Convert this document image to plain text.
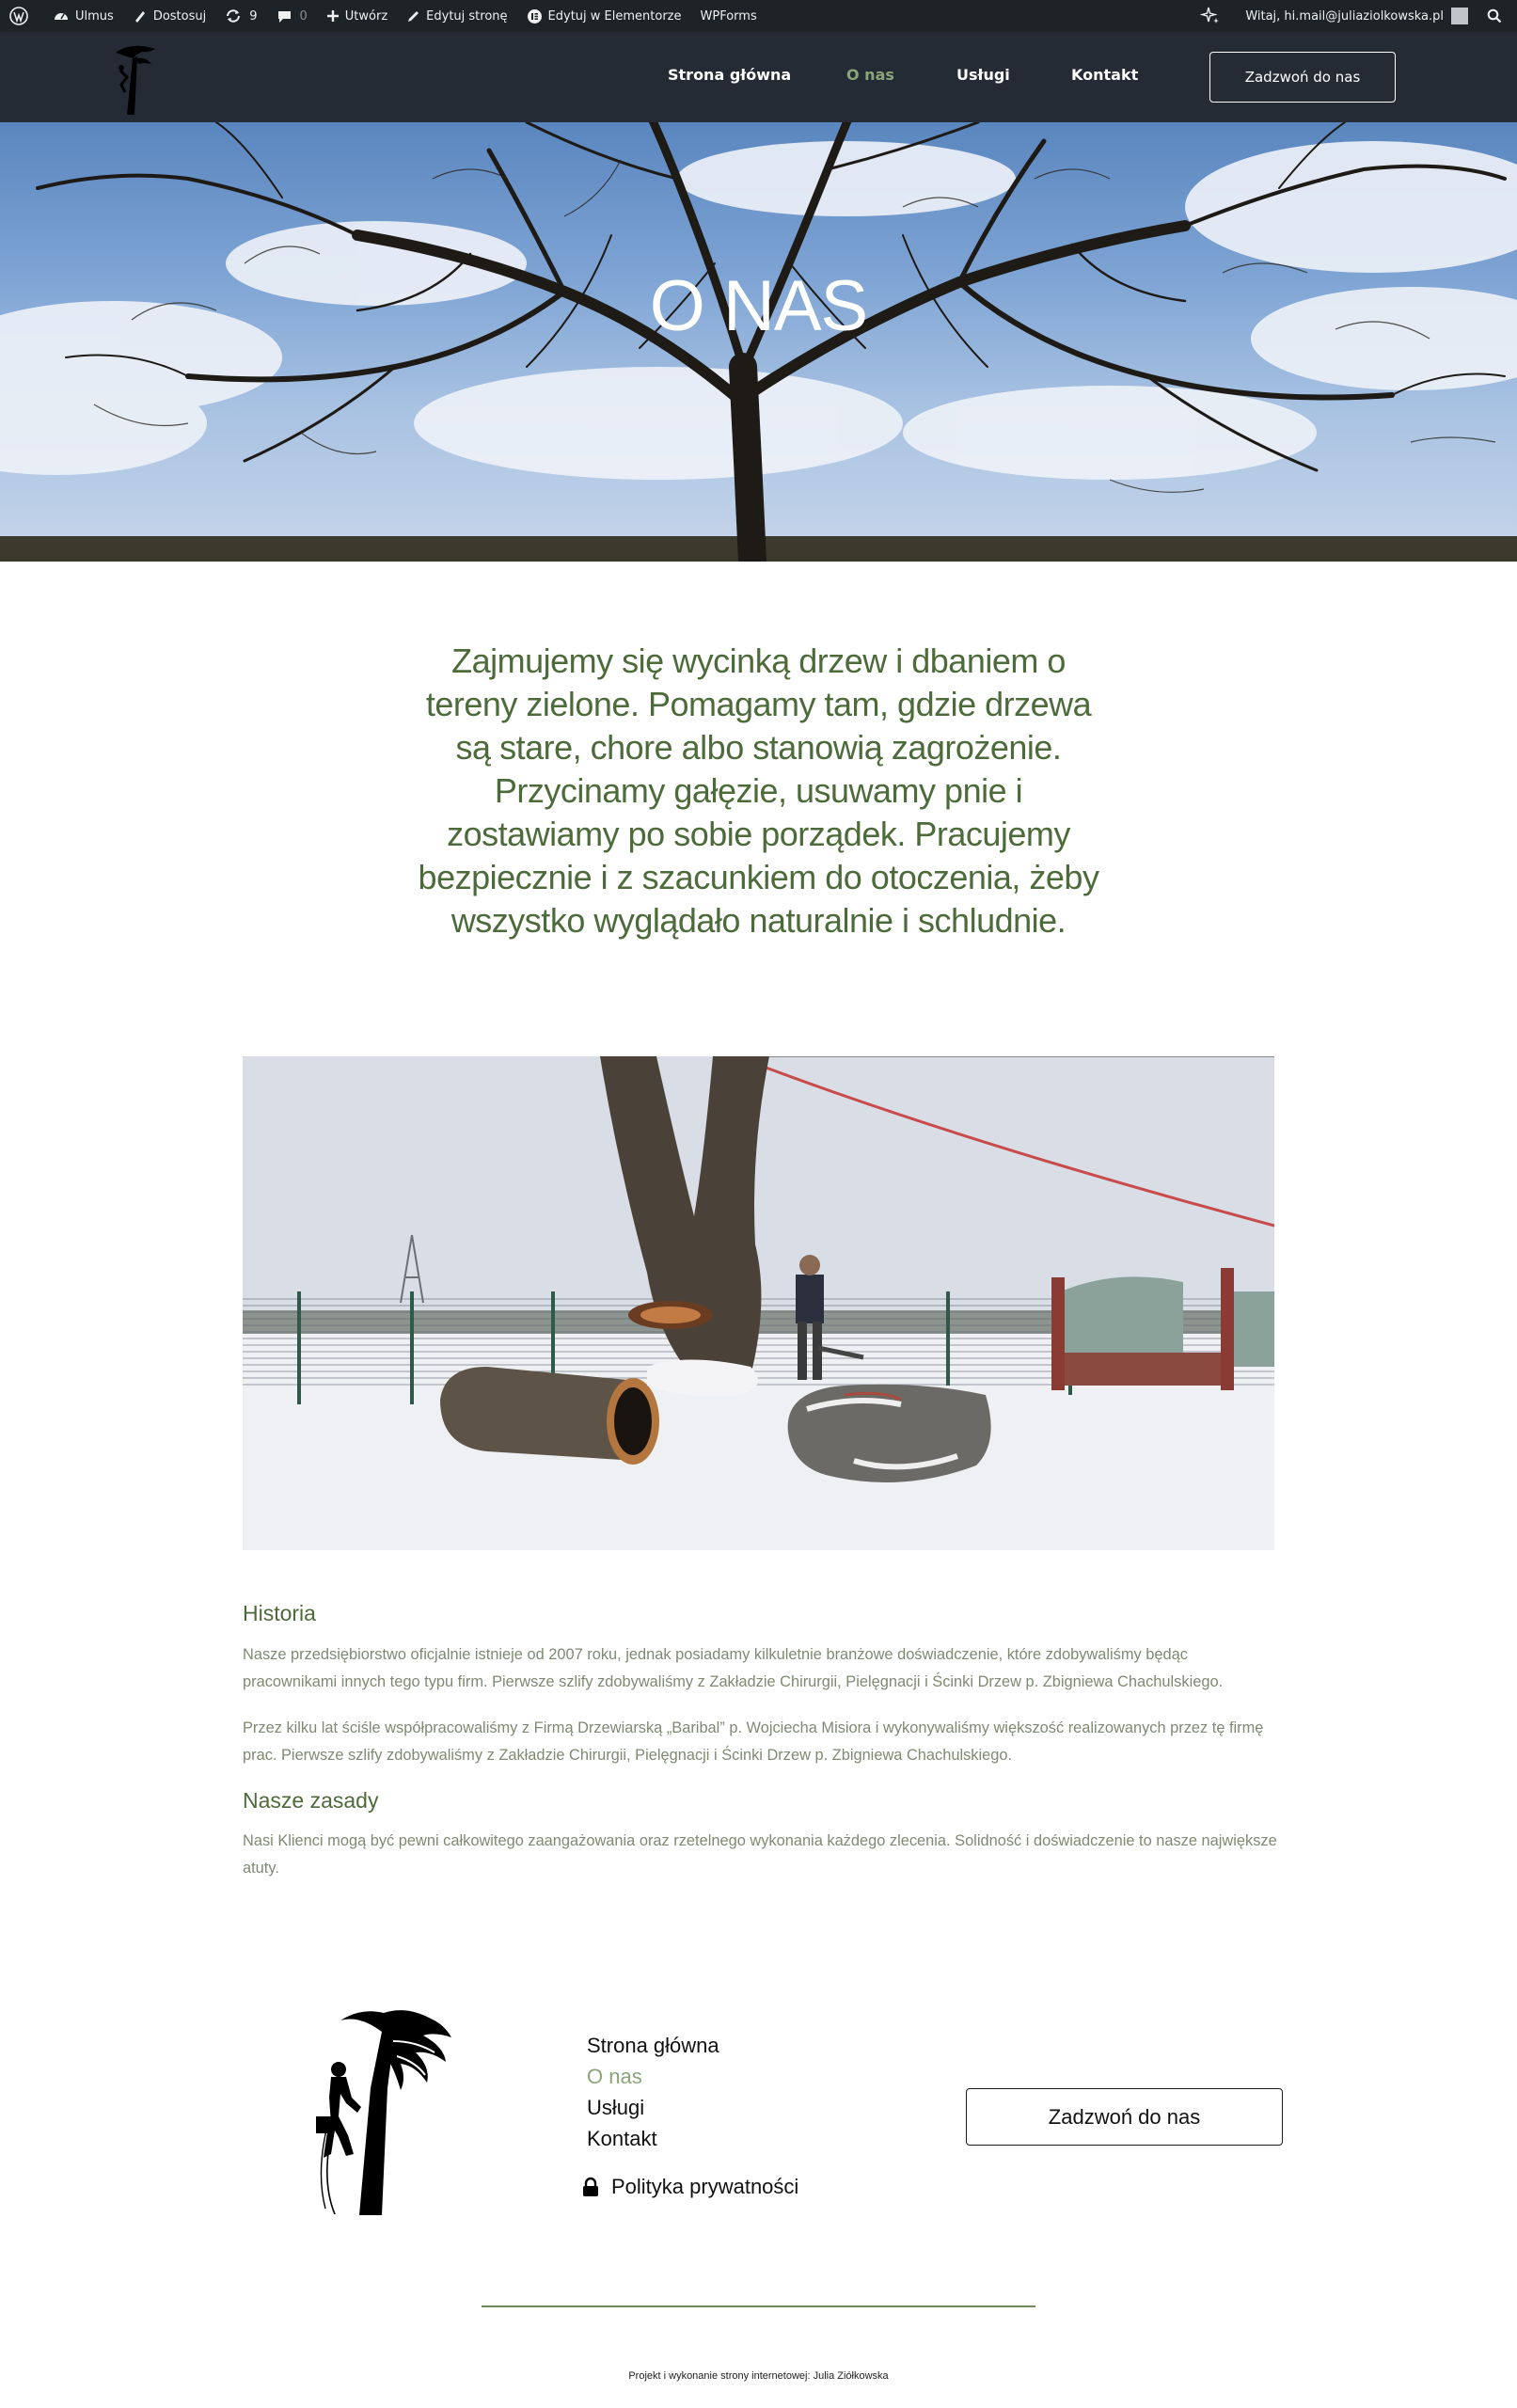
Ulmus	Dostosuj	9	0	Utwórz	Edytuj stronę	Edytuj w Elementorze WPForms	Witaj, hi.mail@juliaziolkowska.pl
Strona główna	O nas	Usługi	Kontakt	Zadzwoń do nas
O NAS
Zajmujemy się wycinką drzew i dbaniem o tereny zielone. Pomagamy tam, gdzie drzewa są stare, chore albo stanowią zagrożenie. Przycinamy gałęzie, usuwamy pnie i zostawiamy po sobie porządek. Pracujemy bezpiecznie i z szacunkiem do otoczenia, żeby wszystko wyglądało naturalnie i schludnie.
Historia
Nasze przedsiębiorstwo oficjalnie istnieje od 2007 roku, jednak posiadamy kilkuletnie branżowe doświadczenie, które zdobywaliśmy będąc pracownikami innych tego typu firm. Pierwsze szlify zdobywaliśmy z Zakładzie Chirurgii, Pielęgnacji i Ścinki Drzew p. Zbigniewa Chachulskiego.
Przez kilku lat ściśle współpracowaliśmy z Firmą Drzewiarską „Baribal” p. Wojciecha Misiora i wykonywaliśmy większość realizowanych przez tę firmę prac. Pierwsze szlify zdobywaliśmy z Zakładzie Chirurgii, Pielęgnacji i Ścinki Drzew p. Zbigniewa Chachulskiego.
Nasze zasady
Nasi Klienci mogą być pewni całkowitego zaangażowania oraz rzetelnego wykonania każdego zlecenia. Solidność i doświadczenie to nasze największe atuty.
Strona główna
O nas
Usługi
Kontakt
Polityka prywatności
Zadzwoń do nas
Projekt i wykonanie strony internetowej: Julia Ziółkowska
